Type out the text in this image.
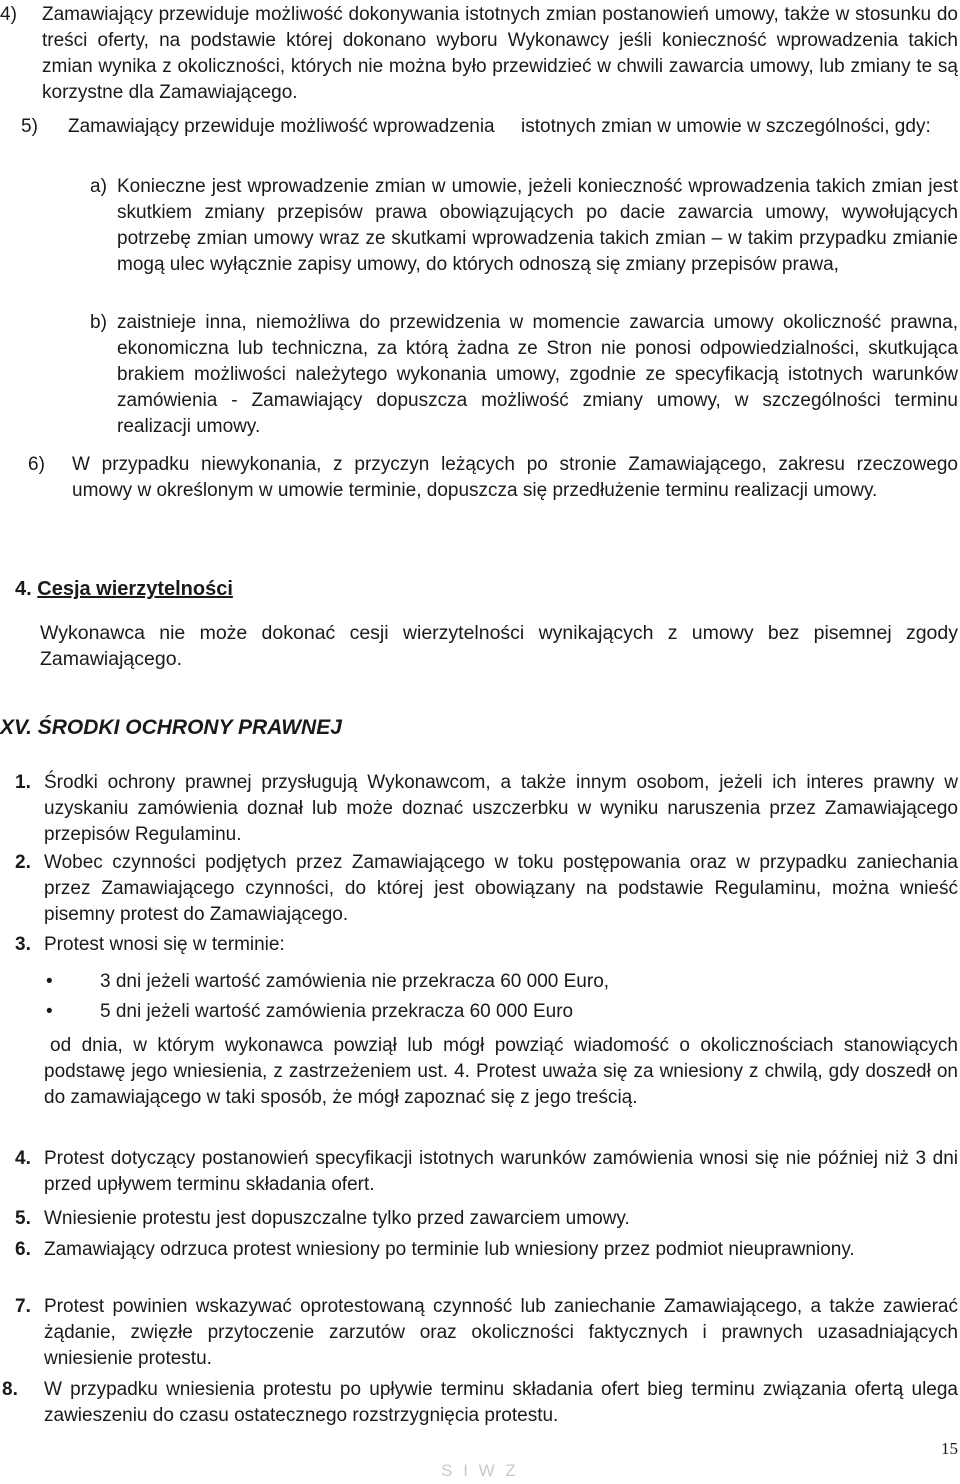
4) Zamawiający przewiduje możliwość dokonywania istotnych zmian postanowień umowy, także w stosunku do treści oferty, na podstawie której dokonano wyboru Wykonawcy jeśli konieczność wprowadzenia takich zmian wynika z okoliczności, których nie można było przewidzieć w chwili zawarcia umowy, lub zmiany te są korzystne dla Zamawiającego.
5)	Zamawiający przewiduje możliwość wprowadzenia     istotnych zmian w umowie w szczególności, gdy:
a) Konieczne jest wprowadzenie zmian w umowie, jeżeli konieczność wprowadzenia takich zmian jest skutkiem zmiany przepisów prawa obowiązujących po dacie zawarcia umowy, wywołujących potrzebę zmian umowy wraz ze skutkami wprowadzenia takich zmian – w takim przypadku zmianie mogą ulec wyłącznie zapisy umowy, do których odnoszą się zmiany przepisów prawa,
b) zaistnieje inna, niemożliwa do przewidzenia w momencie zawarcia umowy okoliczność prawna, ekonomiczna lub techniczna, za którą żadna ze Stron nie ponosi odpowiedzialności, skutkująca brakiem możliwości należytego wykonania umowy, zgodnie ze specyfikacją istotnych warunków zamówienia - Zamawiający dopuszcza możliwość zmiany umowy, w szczególności terminu realizacji umowy.
6) W przypadku niewykonania, z przyczyn leżących po stronie Zamawiającego, zakresu rzeczowego umowy w określonym w umowie terminie, dopuszcza się przedłużenie terminu realizacji umowy.
4. Cesja wierzytelności
Wykonawca nie może dokonać cesji wierzytelności wynikających z umowy bez pisemnej zgody Zamawiającego.
XV. ŚRODKI OCHRONY PRAWNEJ
1. Środki ochrony prawnej przysługują Wykonawcom, a także innym osobom, jeżeli ich interes prawny w uzyskaniu zamówienia doznał lub może doznać uszczerbku w wyniku naruszenia przez Zamawiającego przepisów Regulaminu.
2. Wobec czynności podjętych przez Zamawiającego w toku postępowania oraz w przypadku zaniechania przez Zamawiającego czynności, do której jest obowiązany na podstawie Regulaminu, można wnieść pisemny protest do Zamawiającego.
3. Protest wnosi się w terminie:
• 3 dni jeżeli wartość zamówienia nie przekracza 60 000 Euro,
• 5 dni jeżeli wartość zamówienia przekracza 60 000 Euro
od dnia, w którym wykonawca powziął lub mógł powziąć wiadomość o okolicznościach stanowiących podstawę jego wniesienia, z zastrzeżeniem ust. 4. Protest uważa się za wniesiony z chwilą, gdy doszedł on do zamawiającego w taki sposób, że mógł zapoznać się z jego treścią.
4. Protest dotyczący postanowień specyfikacji istotnych warunków zamówienia wnosi się nie później niż 3 dni przed upływem terminu składania ofert.
5. Wniesienie protestu jest dopuszczalne tylko przed zawarciem umowy.
6. Zamawiający odrzuca protest wniesiony po terminie lub wniesiony przez podmiot nieuprawniony.
7. Protest powinien wskazywać oprotestowaną czynność lub zaniechanie Zamawiającego, a także zawierać żądanie, zwięzłe przytoczenie zarzutów oraz okoliczności faktycznych i prawnych uzasadniających wniesienie protestu.
8. W przypadku wniesienia protestu po upływie terminu składania ofert bieg terminu związania ofertą ulega zawieszeniu do czasu ostatecznego rozstrzygnięcia protestu.
15
S I W Z
